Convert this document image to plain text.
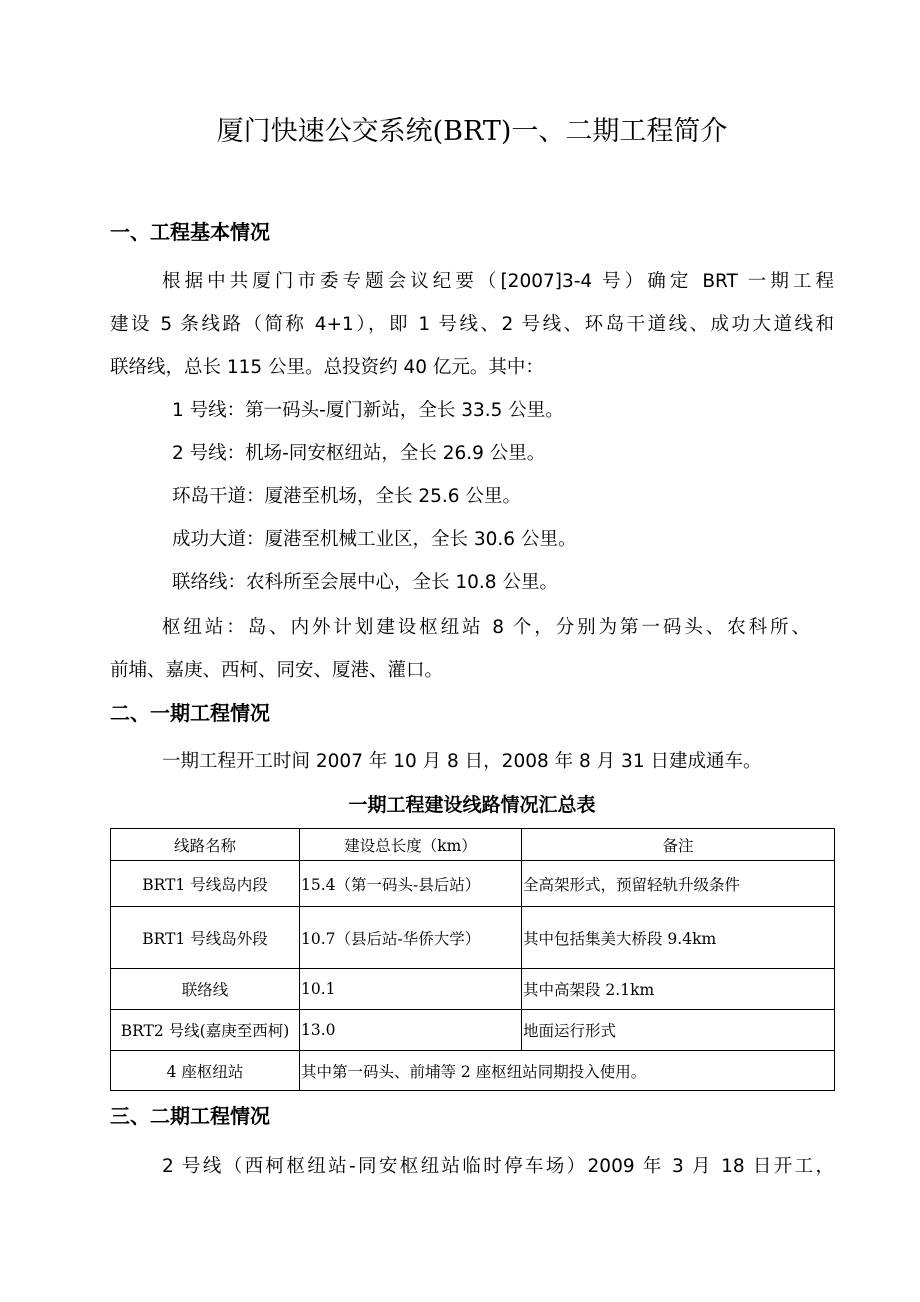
厦门快速公交系统(BRT)一、二期工程简介
一、工程基本情况
根据中共厦门市委专题会议纪要（[2007]3-4 号）确定 BRT 一期工程
建设 5 条线路（简称 4+1），即 1 号线、2 号线、环岛干道线、成功大道线和
联络线，总长 115 公里。总投资约 40 亿元。其中：
1 号线：第一码头-厦门新站，全长 33.5 公里。
2 号线：机场-同安枢纽站，全长 26.9 公里。
环岛干道：厦港至机场，全长 25.6 公里。
成功大道：厦港至机械工业区，全长 30.6 公里。
联络线：农科所至会展中心，全长 10.8 公里。
枢纽站：岛、内外计划建设枢纽站 8 个，分别为第一码头、农科所、
前埔、嘉庚、西柯、同安、厦港、灌口。
二、一期工程情况
一期工程开工时间 2007 年 10 月 8 日，2008 年 8 月 31 日建成通车。
一期工程建设线路情况汇总表
线路名称	建设总长度（km）	备注
BRT1 号线岛内段	15.4（第一码头-县后站）	全高架形式，预留轻轨升级条件
BRT1 号线岛外段	10.7（县后站-华侨大学）	其中包括集美大桥段 9.4km
联络线	10.1	其中高架段 2.1km
BRT2 号线(嘉庚至西柯)	13.0	地面运行形式
4 座枢纽站	其中第一码头、前埔等 2 座枢纽站同期投入使用。	
三、二期工程情况
2 号线（西柯枢纽站-同安枢纽站临时停车场）2009 年 3 月 18 日开工，
